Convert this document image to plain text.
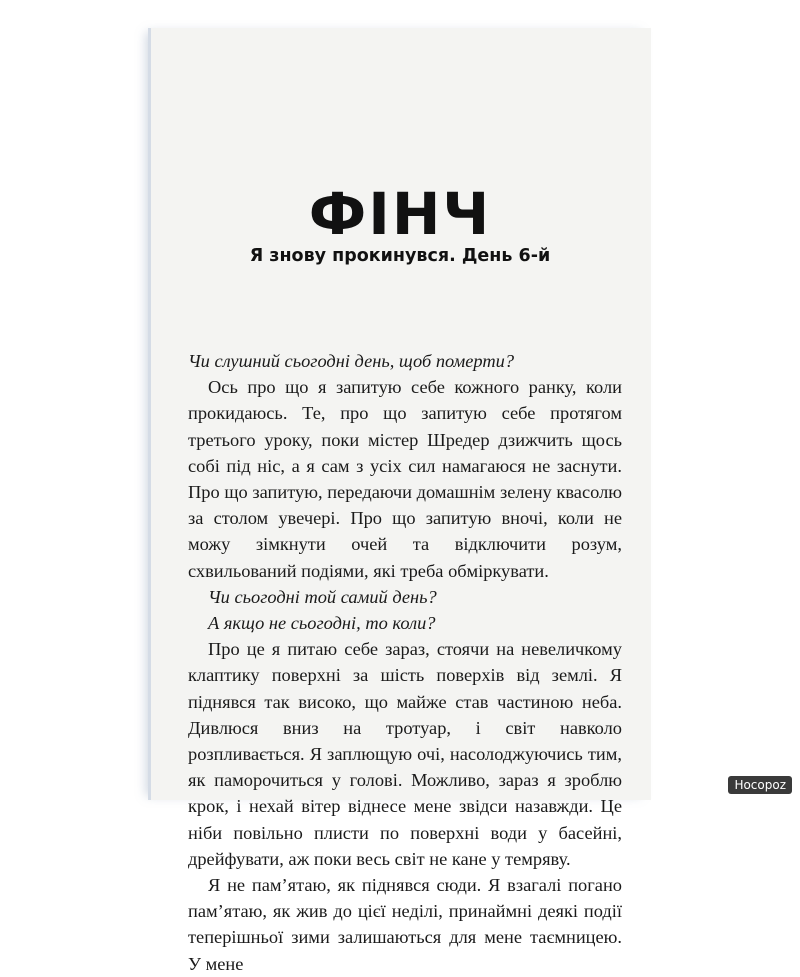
ФІНЧ
Я знову прокинувся. День 6-й

Чи слушний сьогодні день, щоб померти?

Ось про що я запитую себе кожного ранку, коли прокидаюсь. Те, про що запитую себе протягом третього уроку, поки містер Шредер дзижчить щось собі під ніс, а я сам з усіх сил намагаюся не заснути. Про що запитую, передаючи домашнім зелену квасолю за столом увечері. Про що запитую вночі, коли не можу зімкнути очей та відключити розум, схвильований подіями, які треба обміркувати.

Чи сьогодні той самий день?

А якщо не сьогодні, то коли?

Про це я питаю себе зараз, стоячи на невеличкому клаптику поверхні за шість поверхів від землі. Я піднявся так високо, що майже став частиною неба. Дивлюся вниз на тротуар, і світ навколо розпливається. Я заплющую очі, насолоджуючись тим, як паморочиться у голові. Можливо, зараз я зроблю крок, і нехай вітер віднесе мене звідси назавжди. Це ніби повільно плисти по поверхні води у басейні, дрейфувати, аж поки весь світ не кане у темряву.

Я не пам’ятаю, як піднявся сюди. Я взагалі погано пам’ятаю, як жив до цієї неділі, принаймні деякі події теперішньої зими залишаються для мене таємницею. У мене

Нocopoz
